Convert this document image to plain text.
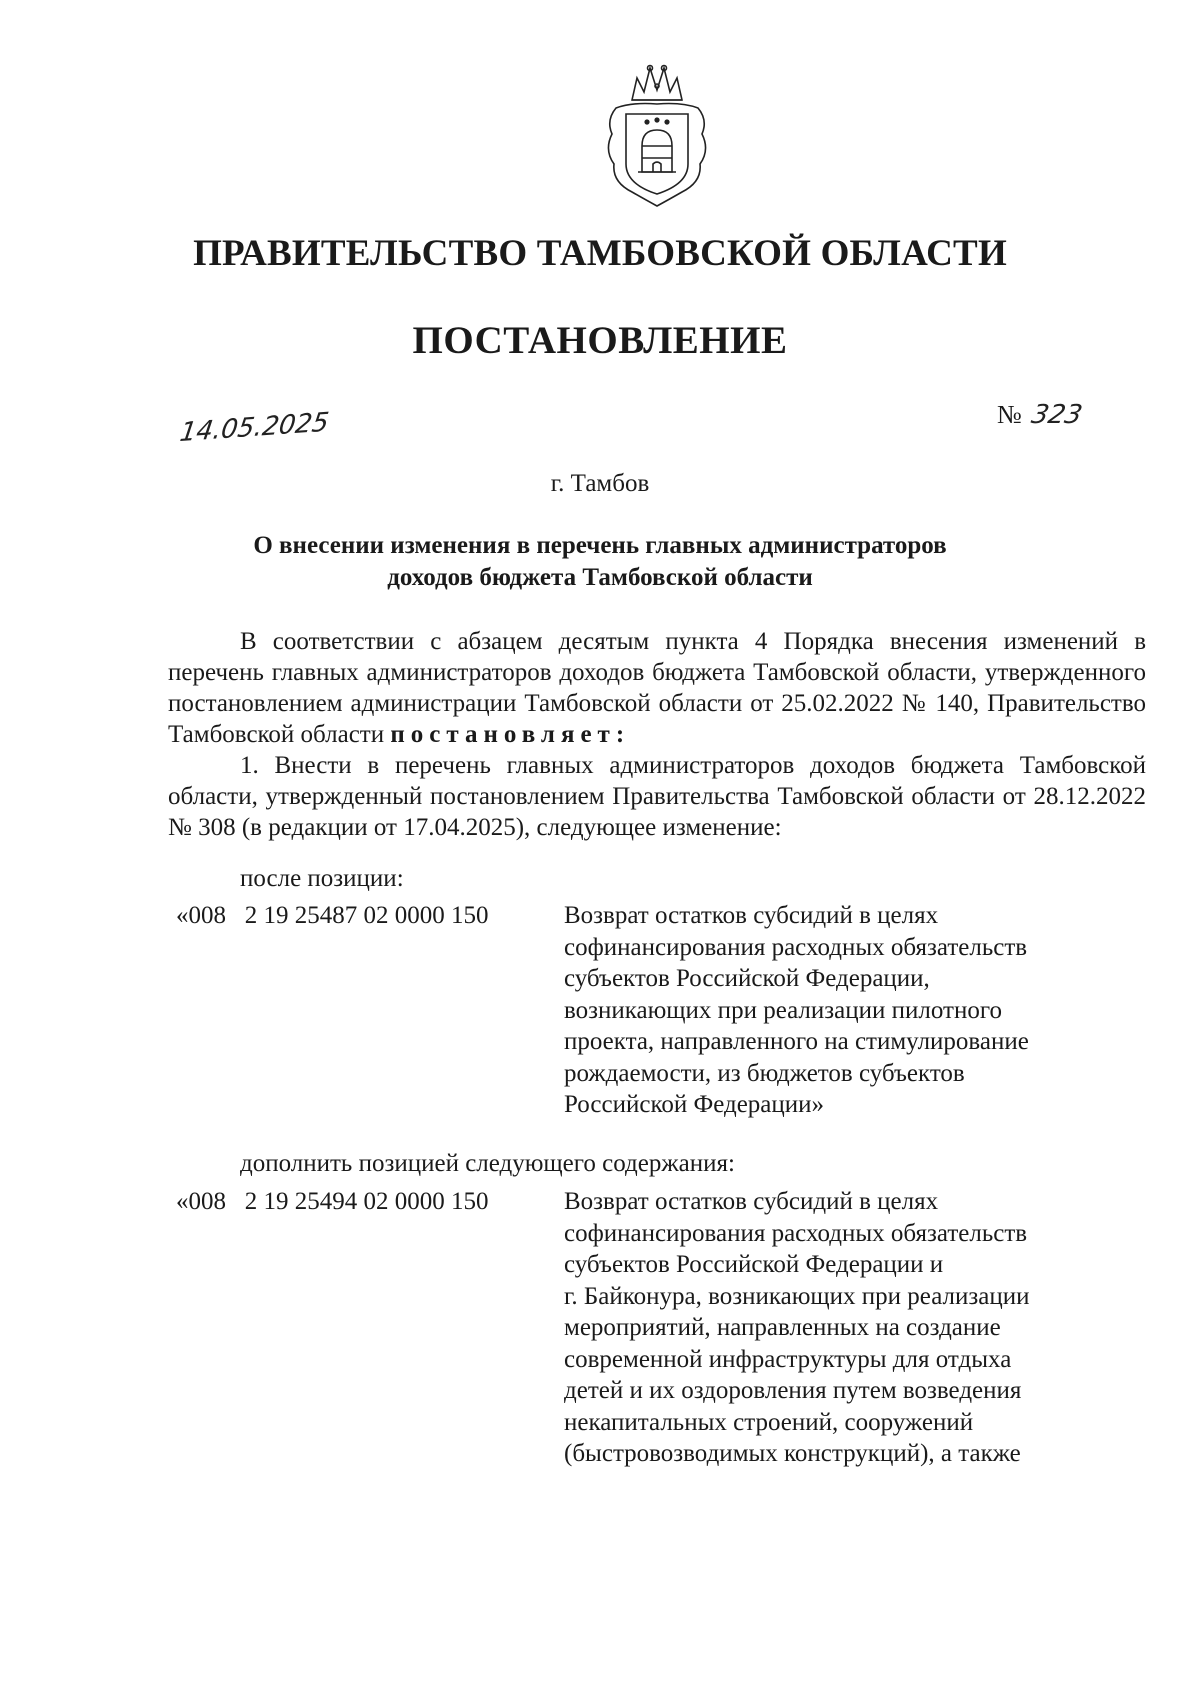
ПРАВИТЕЛЬСТВО ТАМБОВСКОЙ ОБЛАСТИ
ПОСТАНОВЛЕНИЕ
14.05.2025	№ 323
г. Тамбов
О внесении изменения в перечень главных администраторов
доходов бюджета Тамбовской области

В соответствии с абзацем десятым пункта 4 Порядка внесения изменений в перечень главных администраторов доходов бюджета Тамбовской области, утвержденного постановлением администрации Тамбовской области от 25.02.2022 № 140, Правительство Тамбовской области постановляет:

1. Внести в перечень главных администраторов доходов бюджета Тамбовской области, утвержденный постановлением Правительства Тамбовской области от 28.12.2022 № 308 (в редакции от 17.04.2025), следующее изменение:

после позиции:
«008   2 19 25487 02 0000 150	Возврат остатков субсидий в целях
софинансирования расходных обязательств
субъектов Российской Федерации,
возникающих при реализации пилотного
проекта, направленного на стимулирование
рождаемости, из бюджетов субъектов
Российской Федерации»
дополнить позицией следующего содержания:
«008   2 19 25494 02 0000 150	Возврат остатков субсидий в целях
софинансирования расходных обязательств
субъектов Российской Федерации и
г. Байконура, возникающих при реализации
мероприятий, направленных на создание
современной инфраструктуры для отдыха
детей и их оздоровления путем возведения
некапитальных строений, сооружений
(быстровозводимых конструкций), а также
